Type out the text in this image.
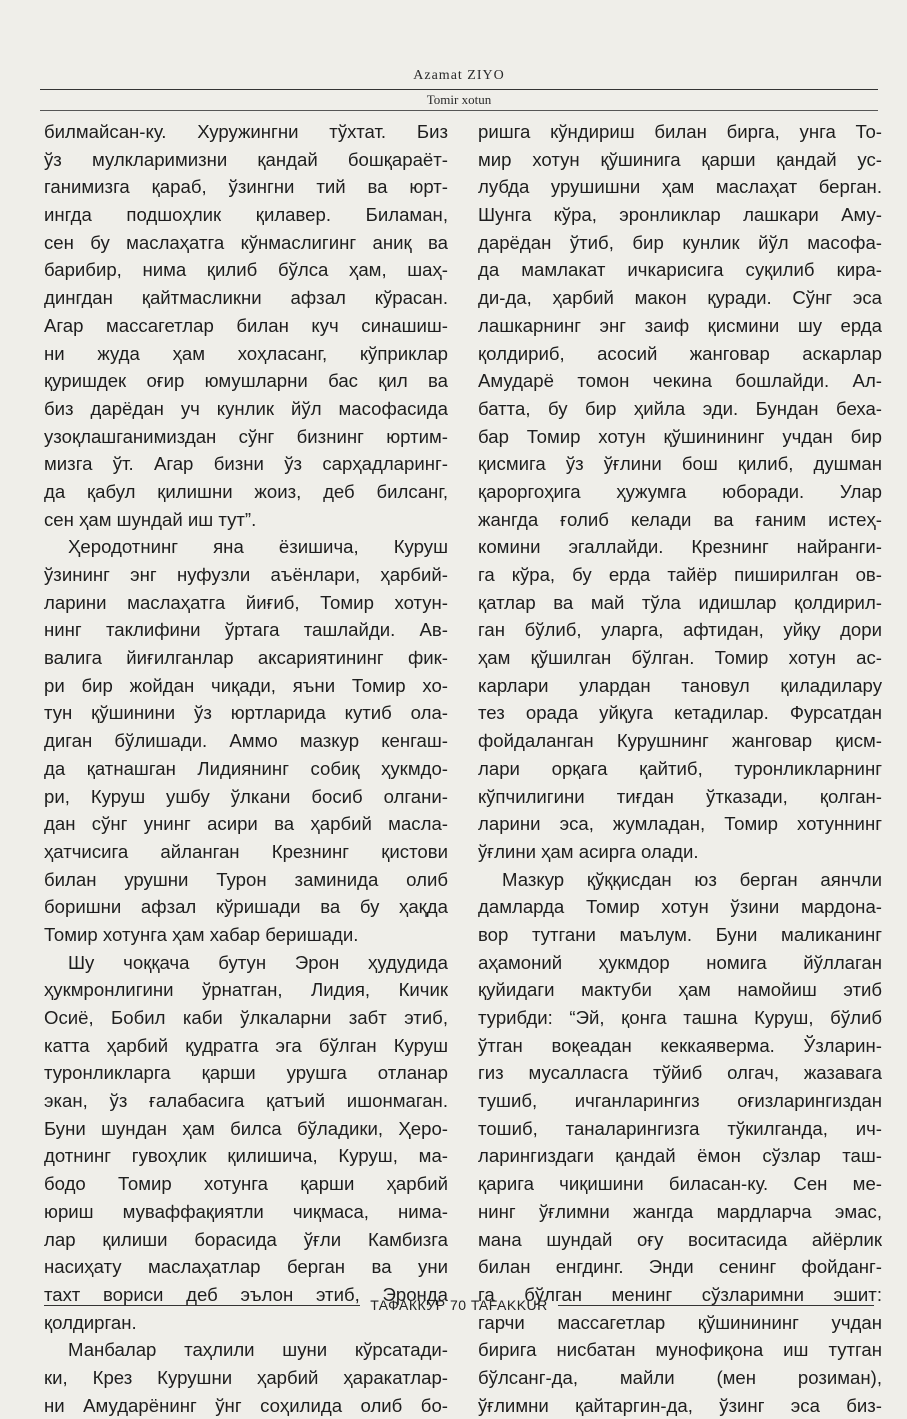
Azamat ZIYO
Tomir xotun
билмайсан-ку. Хуружингни тўхтат. Биз
ўз мулкларимизни қандай бошқараёт-
ганимизга қараб, ўзингни тий ва юрт-
ингда подшоҳлик қилавер. Биламан,
сен бу маслаҳатга кўнмаслигинг аниқ ва
барибир, нима қилиб бўлса ҳам, шаҳ-
дингдан қайтмасликни афзал кўрасан.
Агар массагетлар билан куч синашиш-
ни жуда ҳам хоҳласанг, кўприклар
қуришдек оғир юмушларни бас қил ва
биз дарёдан уч кунлик йўл масофасида
узоқлашганимиздан сўнг бизнинг юртим-
мизга ўт. Агар бизни ўз сарҳадларинг-
да қабул қилишни жоиз, деб билсанг,
сен ҳам шундай иш тут”.
Ҳеродотнинг яна ёзишича, Куруш
ўзининг энг нуфузли аъёнлари, ҳарбий-
ларини маслаҳатга йиғиб, Томир хотун-
нинг таклифини ўртага ташлайди. Ав-
валига йиғилганлар аксариятининг фик-
ри бир жойдан чиқади, яъни Томир хо-
тун қўшинини ўз юртларида кутиб ола-
диган бўлишади. Аммо мазкур кенгаш-
да қатнашган Лидиянинг собиқ ҳукмдо-
ри, Куруш ушбу ўлкани босиб олгани-
дан сўнг унинг асири ва ҳарбий масла-
ҳатчисига айланган Крезнинг қистови
билан урушни Турон заминида олиб
боришни афзал кўришади ва бу ҳақда
Томир хотунга ҳам хабар беришади.
Шу чоққача бутун Эрон ҳудудида
ҳукмронлигини ўрнатган, Лидия, Кичик
Осиё, Бобил каби ўлкаларни забт этиб,
катта ҳарбий қудратга эга бўлган Куруш
туронликларга қарши урушга отланар
экан, ўз ғалабасига қатъий ишонмаган.
Буни шундан ҳам билса бўладики, Ҳеро-
дотнинг гувоҳлик қилишича, Куруш, ма-
бодо Томир хотунга қарши ҳарбий
юриш муваффақиятли чиқмаса, нима-
лар қилиши борасида ўғли Камбизга
насиҳату маслаҳатлар берган ва уни
тахт вориси деб эълон этиб, Эронда
қолдирган.
Манбалар таҳлили шуни кўрсатади-
ки, Крез Курушни ҳарбий ҳаракатлар-
ни Амударёнинг ўнг соҳилида олиб бо-
ришга кўндириш билан бирга, унга То-
мир хотун қўшинига қарши қандай ус-
лубда урушишни ҳам маслаҳат берган.
Шунга кўра, эронликлар лашкари Аму-
дарёдан ўтиб, бир кунлик йўл масофа-
да мамлакат ичкарисига суқилиб кира-
ди-да, ҳарбий макон қуради. Сўнг эса
лашкарнинг энг заиф қисмини шу ерда
қолдириб, асосий жанговар аскарлар
Амударё томон чекина бошлайди. Ал-
батта, бу бир ҳийла эди. Бундан беха-
бар Томир хотун қўшинининг учдан бир
қисмига ўз ўғлини бош қилиб, душман
қароргоҳига ҳужумга юборади. Улар
жангда ғолиб келади ва ғаним истеҳ-
комини эгаллайди. Крезнинг найранги-
га кўра, бу ерда тайёр пиширилган ов-
қатлар ва май тўла идишлар қолдирил-
ган бўлиб, уларга, афтидан, уйқу дори
ҳам қўшилган бўлган. Томир хотун ас-
карлари улардан тановул қиладилару
тез орада уйқуга кетадилар. Фурсатдан
фойдаланган Курушнинг жанговар қисм-
лари орқага қайтиб, туронликларнинг
кўпчилигини тиғдан ўтказади, қолган-
ларини эса, жумладан, Томир хотуннинг
ўғлини ҳам асирга олади.
Мазкур қўққисдан юз берган аянчли
дамларда Томир хотун ўзини мардона-
вор тутгани маълум. Буни маликанинг
аҳамоний ҳукмдор номига йўллаган
қуйидаги мактуби ҳам намойиш этиб
турибди: “Эй, қонга ташна Куруш, бўлиб
ўтган воқеадан кеккаяверма. Ўзларин-
гиз мусалласга тўйиб олгач, жазавага
тушиб, ичганларингиз оғизларингиздан
тошиб, таналарингизга тўкилганда, ич-
ларингиздаги қандай ёмон сўзлар таш-
қарига чиқишини биласан-ку. Сен ме-
нинг ўғлимни жангда мардларча эмас,
мана шундай оғу воситасида айёрлик
билан енгдинг. Энди сенинг фойданг-
га бўлган менинг сўзларимни эшит:
гарчи массагетлар қўшинининг учдан
бирига нисбатан мунофиқона иш тутган
бўлсанг-да, майли (мен розиман),
ўғлимни қайтаргин-да, ўзинг эса биз-
ТАФАККУР 70 TAFAKKUR
